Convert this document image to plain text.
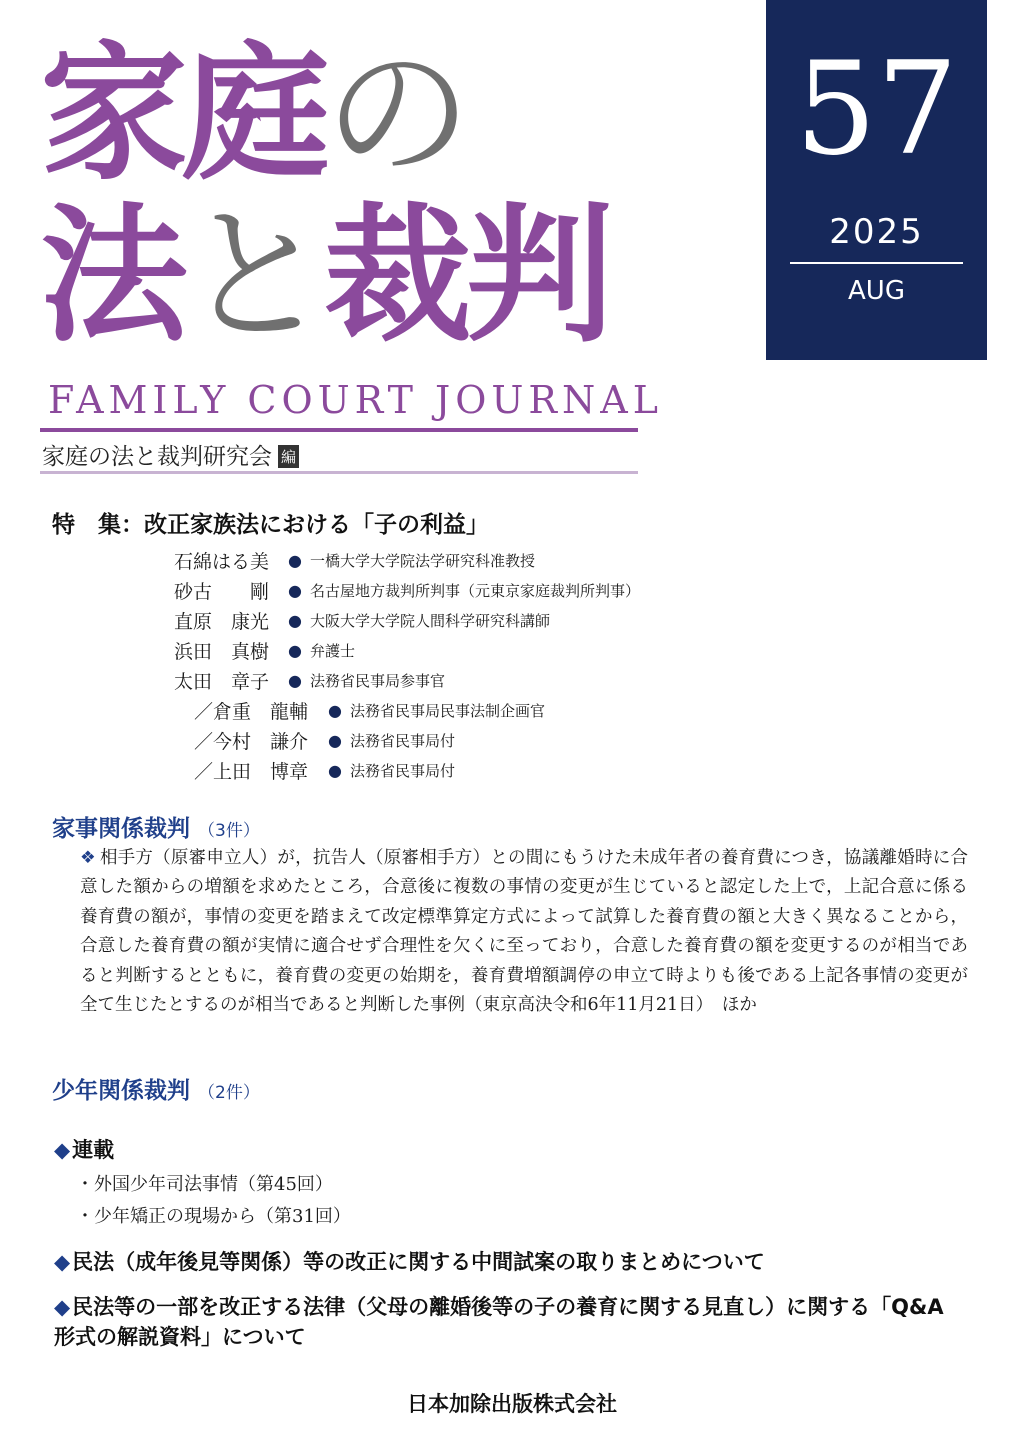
家庭の
法と裁判
FAMILY COURT JOURNAL
家庭の法と裁判研究会 編
57
2025
AUG
特　集：改正家族法における「子の利益」
石綿はる美	● 一橋大学大学院法学研究科准教授
砂古　　剛	● 名古屋地方裁判所判事（元東京家庭裁判所判事）
直原　康光	● 大阪大学大学院人間科学研究科講師
浜田　真樹	● 弁護士
太田　章子	● 法務省民事局参事官
／倉重　龍輔	● 法務省民事局民事法制企画官
／今村　謙介	● 法務省民事局付
／上田　博章	● 法務省民事局付
家事関係裁判 （3件）
❖ 相手方（原審申立人）が，抗告人（原審相手方）との間にもうけた未成年者の養育費につき，協議離婚時に合意した額からの増額を求めたところ，合意後に複数の事情の変更が生じていると認定した上で，上記合意に係る養育費の額が，事情の変更を踏まえて改定標準算定方式によって試算した養育費の額と大きく異なることから，合意した養育費の額が実情に適合せず合理性を欠くに至っており，合意した養育費の額を変更するのが相当であると判断するとともに，養育費の変更の始期を，養育費増額調停の申立て時よりも後である上記各事情の変更が全て生じたとするのが相当であると判断した事例（東京高決令和6年11月21日）　ほか
少年関係裁判 （2件）
◆連載
・外国少年司法事情（第45回）
・少年矯正の現場から（第31回）
◆民法（成年後見等関係）等の改正に関する中間試案の取りまとめについて
◆民法等の一部を改正する法律（父母の離婚後等の子の養育に関する見直し）に関する「Q&A形式の解説資料」について
日本加除出版株式会社
